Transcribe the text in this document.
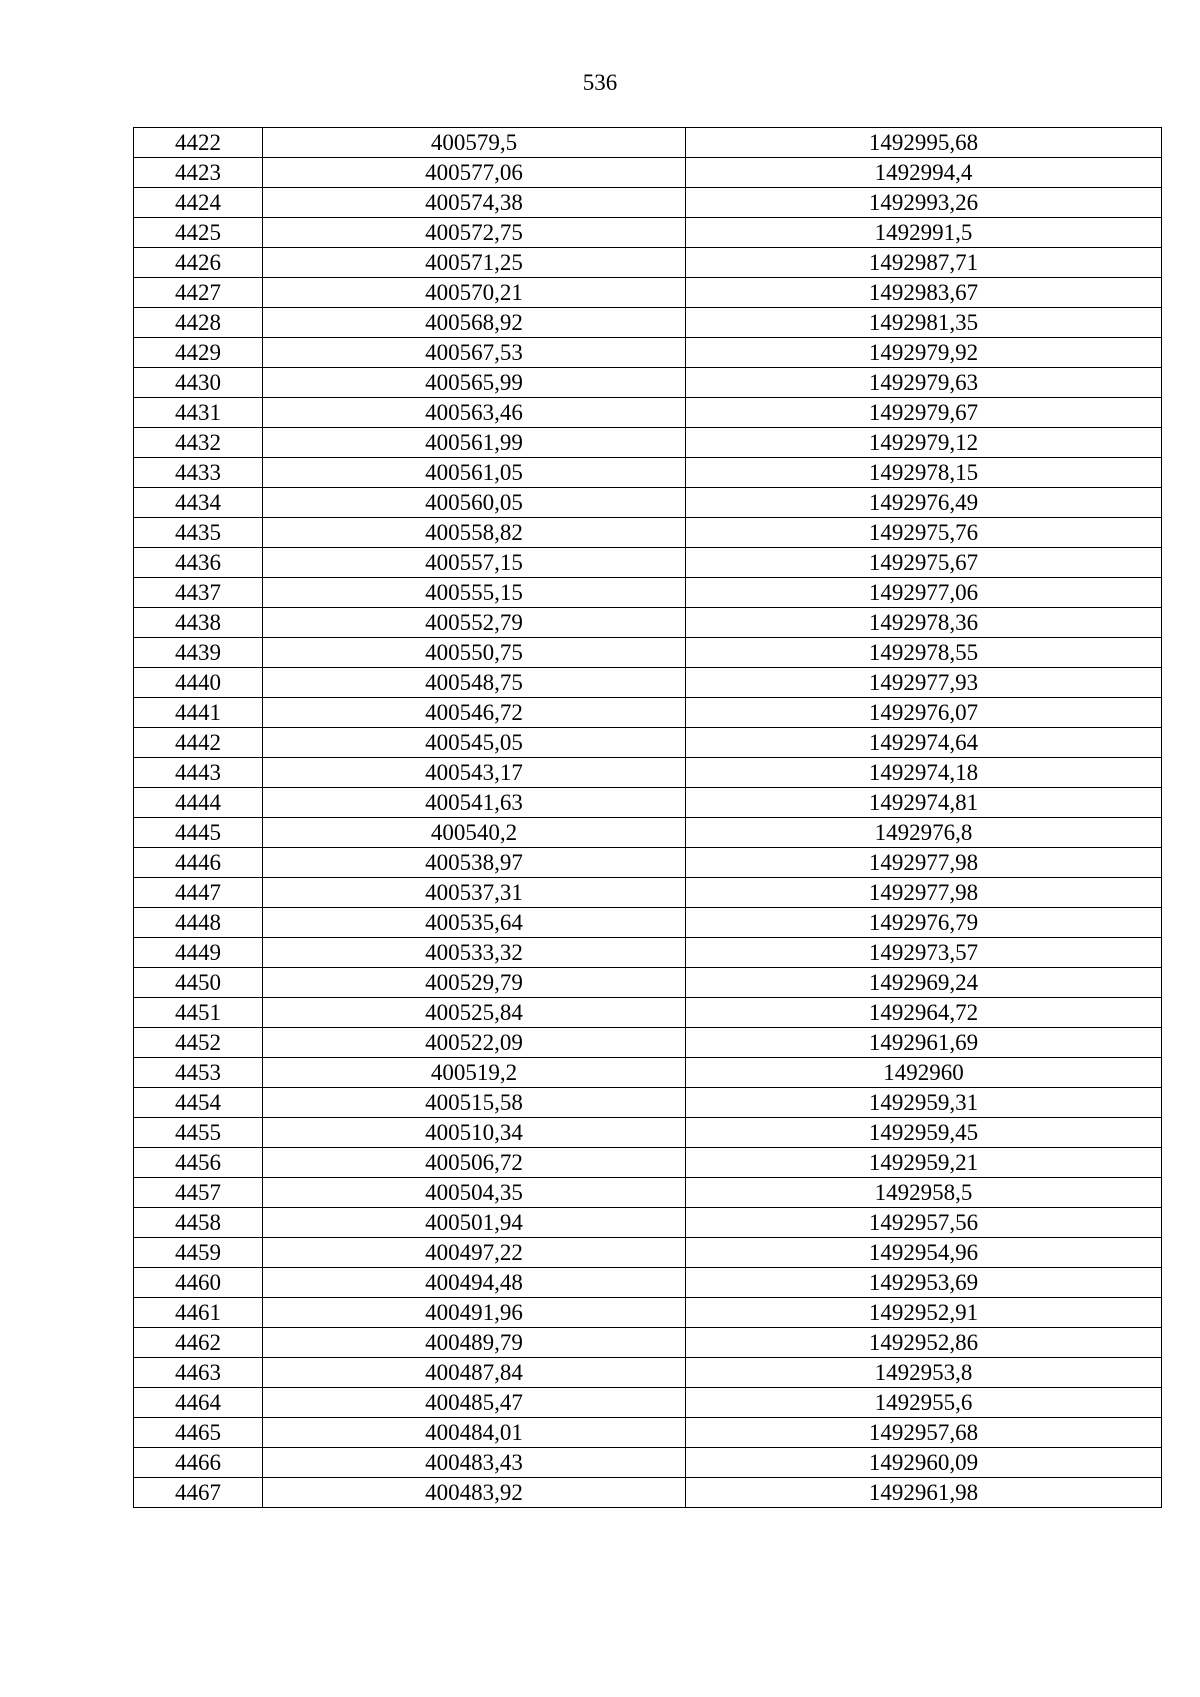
536
4422	400579,5	1492995,68
4423	400577,06	1492994,4
4424	400574,38	1492993,26
4425	400572,75	1492991,5
4426	400571,25	1492987,71
4427	400570,21	1492983,67
4428	400568,92	1492981,35
4429	400567,53	1492979,92
4430	400565,99	1492979,63
4431	400563,46	1492979,67
4432	400561,99	1492979,12
4433	400561,05	1492978,15
4434	400560,05	1492976,49
4435	400558,82	1492975,76
4436	400557,15	1492975,67
4437	400555,15	1492977,06
4438	400552,79	1492978,36
4439	400550,75	1492978,55
4440	400548,75	1492977,93
4441	400546,72	1492976,07
4442	400545,05	1492974,64
4443	400543,17	1492974,18
4444	400541,63	1492974,81
4445	400540,2	1492976,8
4446	400538,97	1492977,98
4447	400537,31	1492977,98
4448	400535,64	1492976,79
4449	400533,32	1492973,57
4450	400529,79	1492969,24
4451	400525,84	1492964,72
4452	400522,09	1492961,69
4453	400519,2	1492960
4454	400515,58	1492959,31
4455	400510,34	1492959,45
4456	400506,72	1492959,21
4457	400504,35	1492958,5
4458	400501,94	1492957,56
4459	400497,22	1492954,96
4460	400494,48	1492953,69
4461	400491,96	1492952,91
4462	400489,79	1492952,86
4463	400487,84	1492953,8
4464	400485,47	1492955,6
4465	400484,01	1492957,68
4466	400483,43	1492960,09
4467	400483,92	1492961,98
